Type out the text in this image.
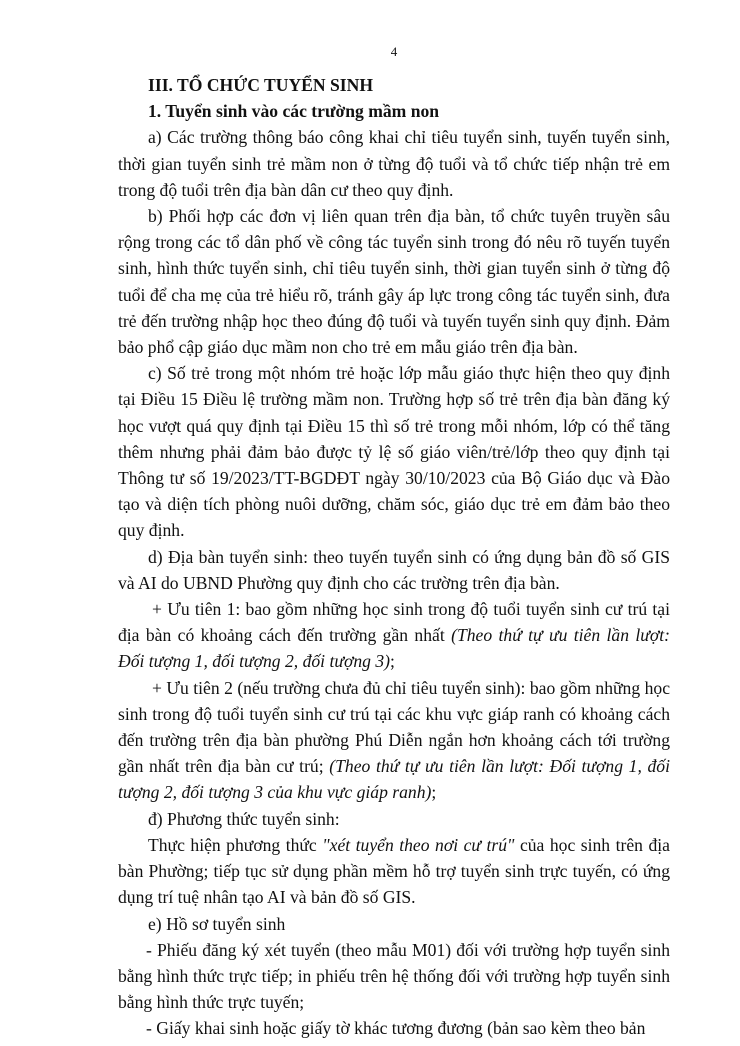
4

III. TỔ CHỨC TUYỂN SINH

1. Tuyển sinh vào các trường mầm non

a) Các trường thông báo công khai chỉ tiêu tuyển sinh, tuyến tuyển sinh, thời gian tuyển sinh trẻ mầm non ở từng độ tuổi và tổ chức tiếp nhận trẻ em trong độ tuổi trên địa bàn dân cư theo quy định.

b) Phối hợp các đơn vị liên quan trên địa bàn, tổ chức tuyên truyền sâu rộng trong các tổ dân phố về công tác tuyển sinh trong đó nêu rõ tuyến tuyển sinh, hình thức tuyển sinh, chỉ tiêu tuyển sinh, thời gian tuyển sinh ở từng độ tuổi để cha mẹ của trẻ hiểu rõ, tránh gây áp lực trong công tác tuyển sinh, đưa trẻ đến trường nhập học theo đúng độ tuổi và tuyến tuyển sinh quy định. Đảm bảo phổ cập giáo dục mầm non cho trẻ em mẫu giáo trên địa bàn.

c) Số trẻ trong một nhóm trẻ hoặc lớp mẫu giáo thực hiện theo quy định tại Điều 15 Điều lệ trường mầm non. Trường hợp số trẻ trên địa bàn đăng ký học vượt quá quy định tại Điều 15 thì số trẻ trong mỗi nhóm, lớp có thể tăng thêm nhưng phải đảm bảo được tỷ lệ số giáo viên/trẻ/lớp theo quy định tại Thông tư số 19/2023/TT-BGDĐT ngày 30/10/2023 của Bộ Giáo dục và Đào tạo và diện tích phòng nuôi dưỡng, chăm sóc, giáo dục trẻ em đảm bảo theo quy định.

d) Địa bàn tuyển sinh: theo tuyến tuyển sinh có ứng dụng bản đồ số GIS và AI do UBND Phường quy định cho các trường trên địa bàn.

+ Ưu tiên 1: bao gồm những học sinh trong độ tuổi tuyển sinh cư trú tại địa bàn có khoảng cách đến trường gần nhất (Theo thứ tự ưu tiên lần lượt: Đối tượng 1, đối tượng 2, đối tượng 3);

+ Ưu tiên 2 (nếu trường chưa đủ chỉ tiêu tuyển sinh): bao gồm những học sinh trong độ tuổi tuyển sinh cư trú tại các khu vực giáp ranh có khoảng cách đến trường trên địa bàn phường Phú Diễn ngắn hơn khoảng cách tới trường gần nhất trên địa bàn cư trú; (Theo thứ tự ưu tiên lần lượt: Đối tượng 1, đối tượng 2, đối tượng 3 của khu vực giáp ranh);

đ) Phương thức tuyển sinh:

Thực hiện phương thức "xét tuyển theo nơi cư trú" của học sinh trên địa bàn Phường; tiếp tục sử dụng phần mềm hỗ trợ tuyển sinh trực tuyến, có ứng dụng trí tuệ nhân tạo AI và bản đồ số GIS.

e) Hồ sơ tuyển sinh

- Phiếu đăng ký xét tuyển (theo mẫu M01) đối với trường hợp tuyển sinh bằng hình thức trực tiếp; in phiếu trên hệ thống đối với trường hợp tuyển sinh bằng hình thức trực tuyến;

- Giấy khai sinh hoặc giấy tờ khác tương đương (bản sao kèm theo bản
